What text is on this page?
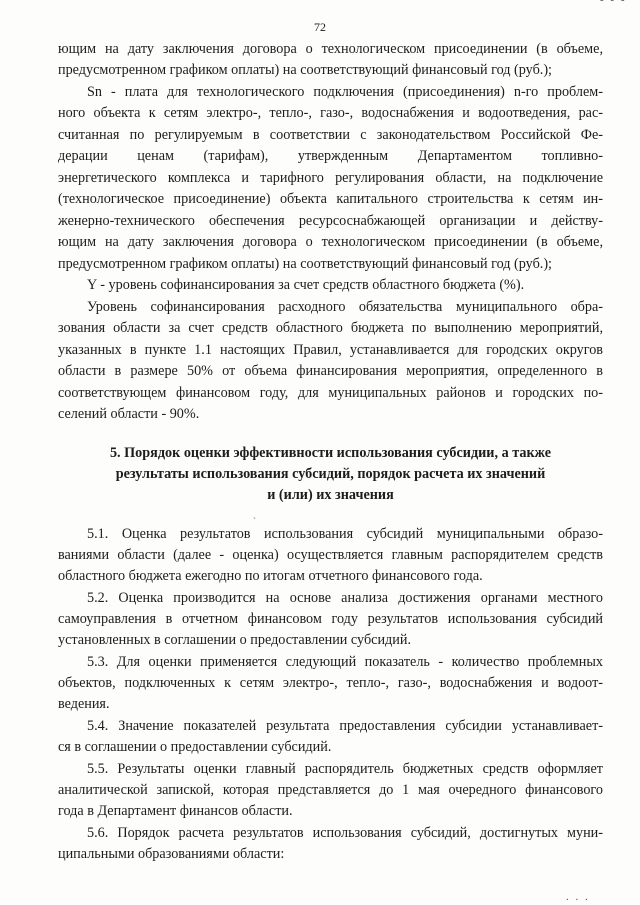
72
- - -
ющим на дату заключения договора о технологическом присоединении (в объеме,
предусмотренном графиком оплаты) на соответствующий финансовый год (руб.);
Sn - плата для технологического подключения (присоединения) n-го проблем-
ного объекта к сетям электро-, тепло-, газо-, водоснабжения и водоотведения, рас-
считанная по регулируемым в соответствии с законодательством Российской Фе-
дерации ценам (тарифам), утвержденным Департаментом топливно-
энергетического комплекса и тарифного регулирования области, на подключение
(технологическое присоединение) объекта капитального строительства к сетям ин-
женерно-технического обеспечения ресурсоснабжающей организации и действу-
ющим на дату заключения договора о технологическом присоединении (в объеме,
предусмотренном графиком оплаты) на соответствующий финансовый год (руб.);
Y - уровень софинансирования за счет средств областного бюджета (%).
Уровень софинансирования расходного обязательства муниципального обра-
зования области за счет средств областного бюджета по выполнению мероприятий,
указанных в пункте 1.1 настоящих Правил, устанавливается для городских округов
области в размере 50% от объема финансирования мероприятия, определенного в
соответствующем финансовом году, для муниципальных районов и городских по-
селений области - 90%.
5. Порядок оценки эффективности использования субсидии, а также
результаты использования субсидий, порядок расчета их значений
и (или) их значения
ˎ
5.1. Оценка результатов использования субсидий муниципальными образо-
ваниями области (далее - оценка) осуществляется главным распорядителем средств
областного бюджета ежегодно по итогам отчетного финансового года.
5.2. Оценка производится на основе анализа достижения органами местного
самоуправления в отчетном финансовом году результатов использования субсидий
установленных в соглашении о предоставлении субсидий.
5.3. Для оценки применяется следующий показатель - количество проблемных
объектов, подключенных к сетям электро-, тепло-, газо-, водоснабжения и водоот-
ведения.
5.4. Значение показателей результата предоставления субсидии устанавливает-
ся в соглашении о предоставлении субсидий.
5.5. Результаты оценки главный распорядитель бюджетных средств оформляет
аналитической запиской, которая представляется до 1 мая очередного финансового
года в Департамент финансов области.
5.6. Порядок расчета результатов использования субсидий, достигнутых муни-
ципальными образованиями области:
. . .
